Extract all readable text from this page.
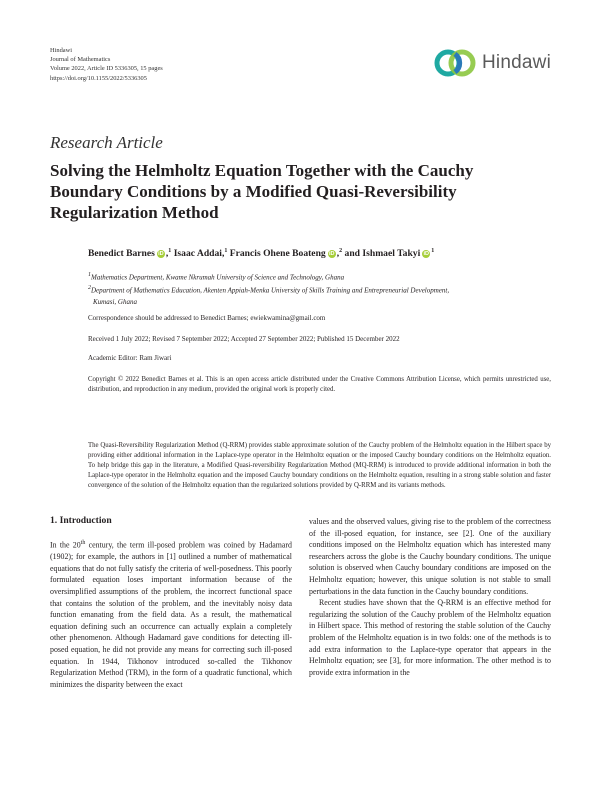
Hindawi
Journal of Mathematics
Volume 2022, Article ID 5336305, 15 pages
https://doi.org/10.1155/2022/5336305
Hindawi
Research Article
Solving the Helmholtz Equation Together with the Cauchy Boundary Conditions by a Modified Quasi-Reversibility Regularization Method
Benedict Barnes iD ,$^1$ Isaac Addai,$^1$ Francis Ohene Boateng iD ,$^2$ and Ishmael Takyi iD $^1$
1Mathematics Department, Kwame Nkrumah University of Science and Technology, Ghana
2Department of Mathematics Education, Akenten Appiah-Menka University of Skills Training and Entrepreneurial Development,
Kumasi, Ghana
Correspondence should be addressed to Benedict Barnes; ewiekwamina@gmail.com
Received 1 July 2022; Revised 7 September 2022; Accepted 27 September 2022; Published 15 December 2022
Academic Editor: Ram Jiwari
Copyright © 2022 Benedict Barnes et al. This is an open access article distributed under the Creative Commons Attribution License, which permits unrestricted use, distribution, and reproduction in any medium, provided the original work is properly cited.
The Quasi-Reversibility Regularization Method (Q-RRM) provides stable approximate solution of the Cauchy problem of the Helmholtz equation in the Hilbert space by providing either additional information in the Laplace-type operator in the Helmholtz equation or the imposed Cauchy boundary conditions on the Helmholtz equation. To help bridge this gap in the literature, a Modified Quasi-reversibility Regularization Method (MQ-RRM) is introduced to provide additional information in both the Laplace-type operator in the Helmholtz equation and the imposed Cauchy boundary conditions on the Helmholtz equation, resulting in a strong stable solution and faster convergence of the solution of the Helmholtz equation than the regularized solutions provided by Q-RRM and its variants methods.
1. Introduction

In the 20th century, the term ill-posed problem was coined by Hadamard (1902); for example, the authors in [1] outlined a number of mathematical equations that do not fully satisfy the criteria of well-posedness. This poorly formulated equation loses important information because of the oversimplified assumptions of the problem, the incorrect functional space that contains the solution of the problem, and the inevitably noisy data function emanating from the field data. As a result, the mathematical equation defining such an occurrence can actually explain a completely other phenomenon. Although Hadamard gave conditions for detecting ill-posed equation, he did not provide any means for correcting such ill-posed equation. In 1944, Tikhonov introduced so-called the Tikhonov Regularization Method (TRM), in the form of a quadratic functional, which minimizes the disparity between the exact

values and the observed values, giving rise to the problem of the correctness of the ill-posed equation, for instance, see [2]. One of the auxiliary conditions imposed on the Helmholtz equation which has interested many researchers across the globe is the Cauchy boundary conditions. The unique solution is observed when Cauchy boundary conditions are imposed on the Helmholtz equation; however, this unique solution is not stable to small perturbations in the data function in the Cauchy boundary conditions.

Recent studies have shown that the Q-RRM is an effective method for regularizing the solution of the Cauchy problem of the Helmholtz equation in Hilbert space. This method of restoring the stable solution of the Cauchy problem of the Helmholtz equation is in two folds: one of the methods is to add extra information to the Laplace-type operator that appears in the Helmholtz equation; see [3], for more information. The other method is to provide extra information in the
